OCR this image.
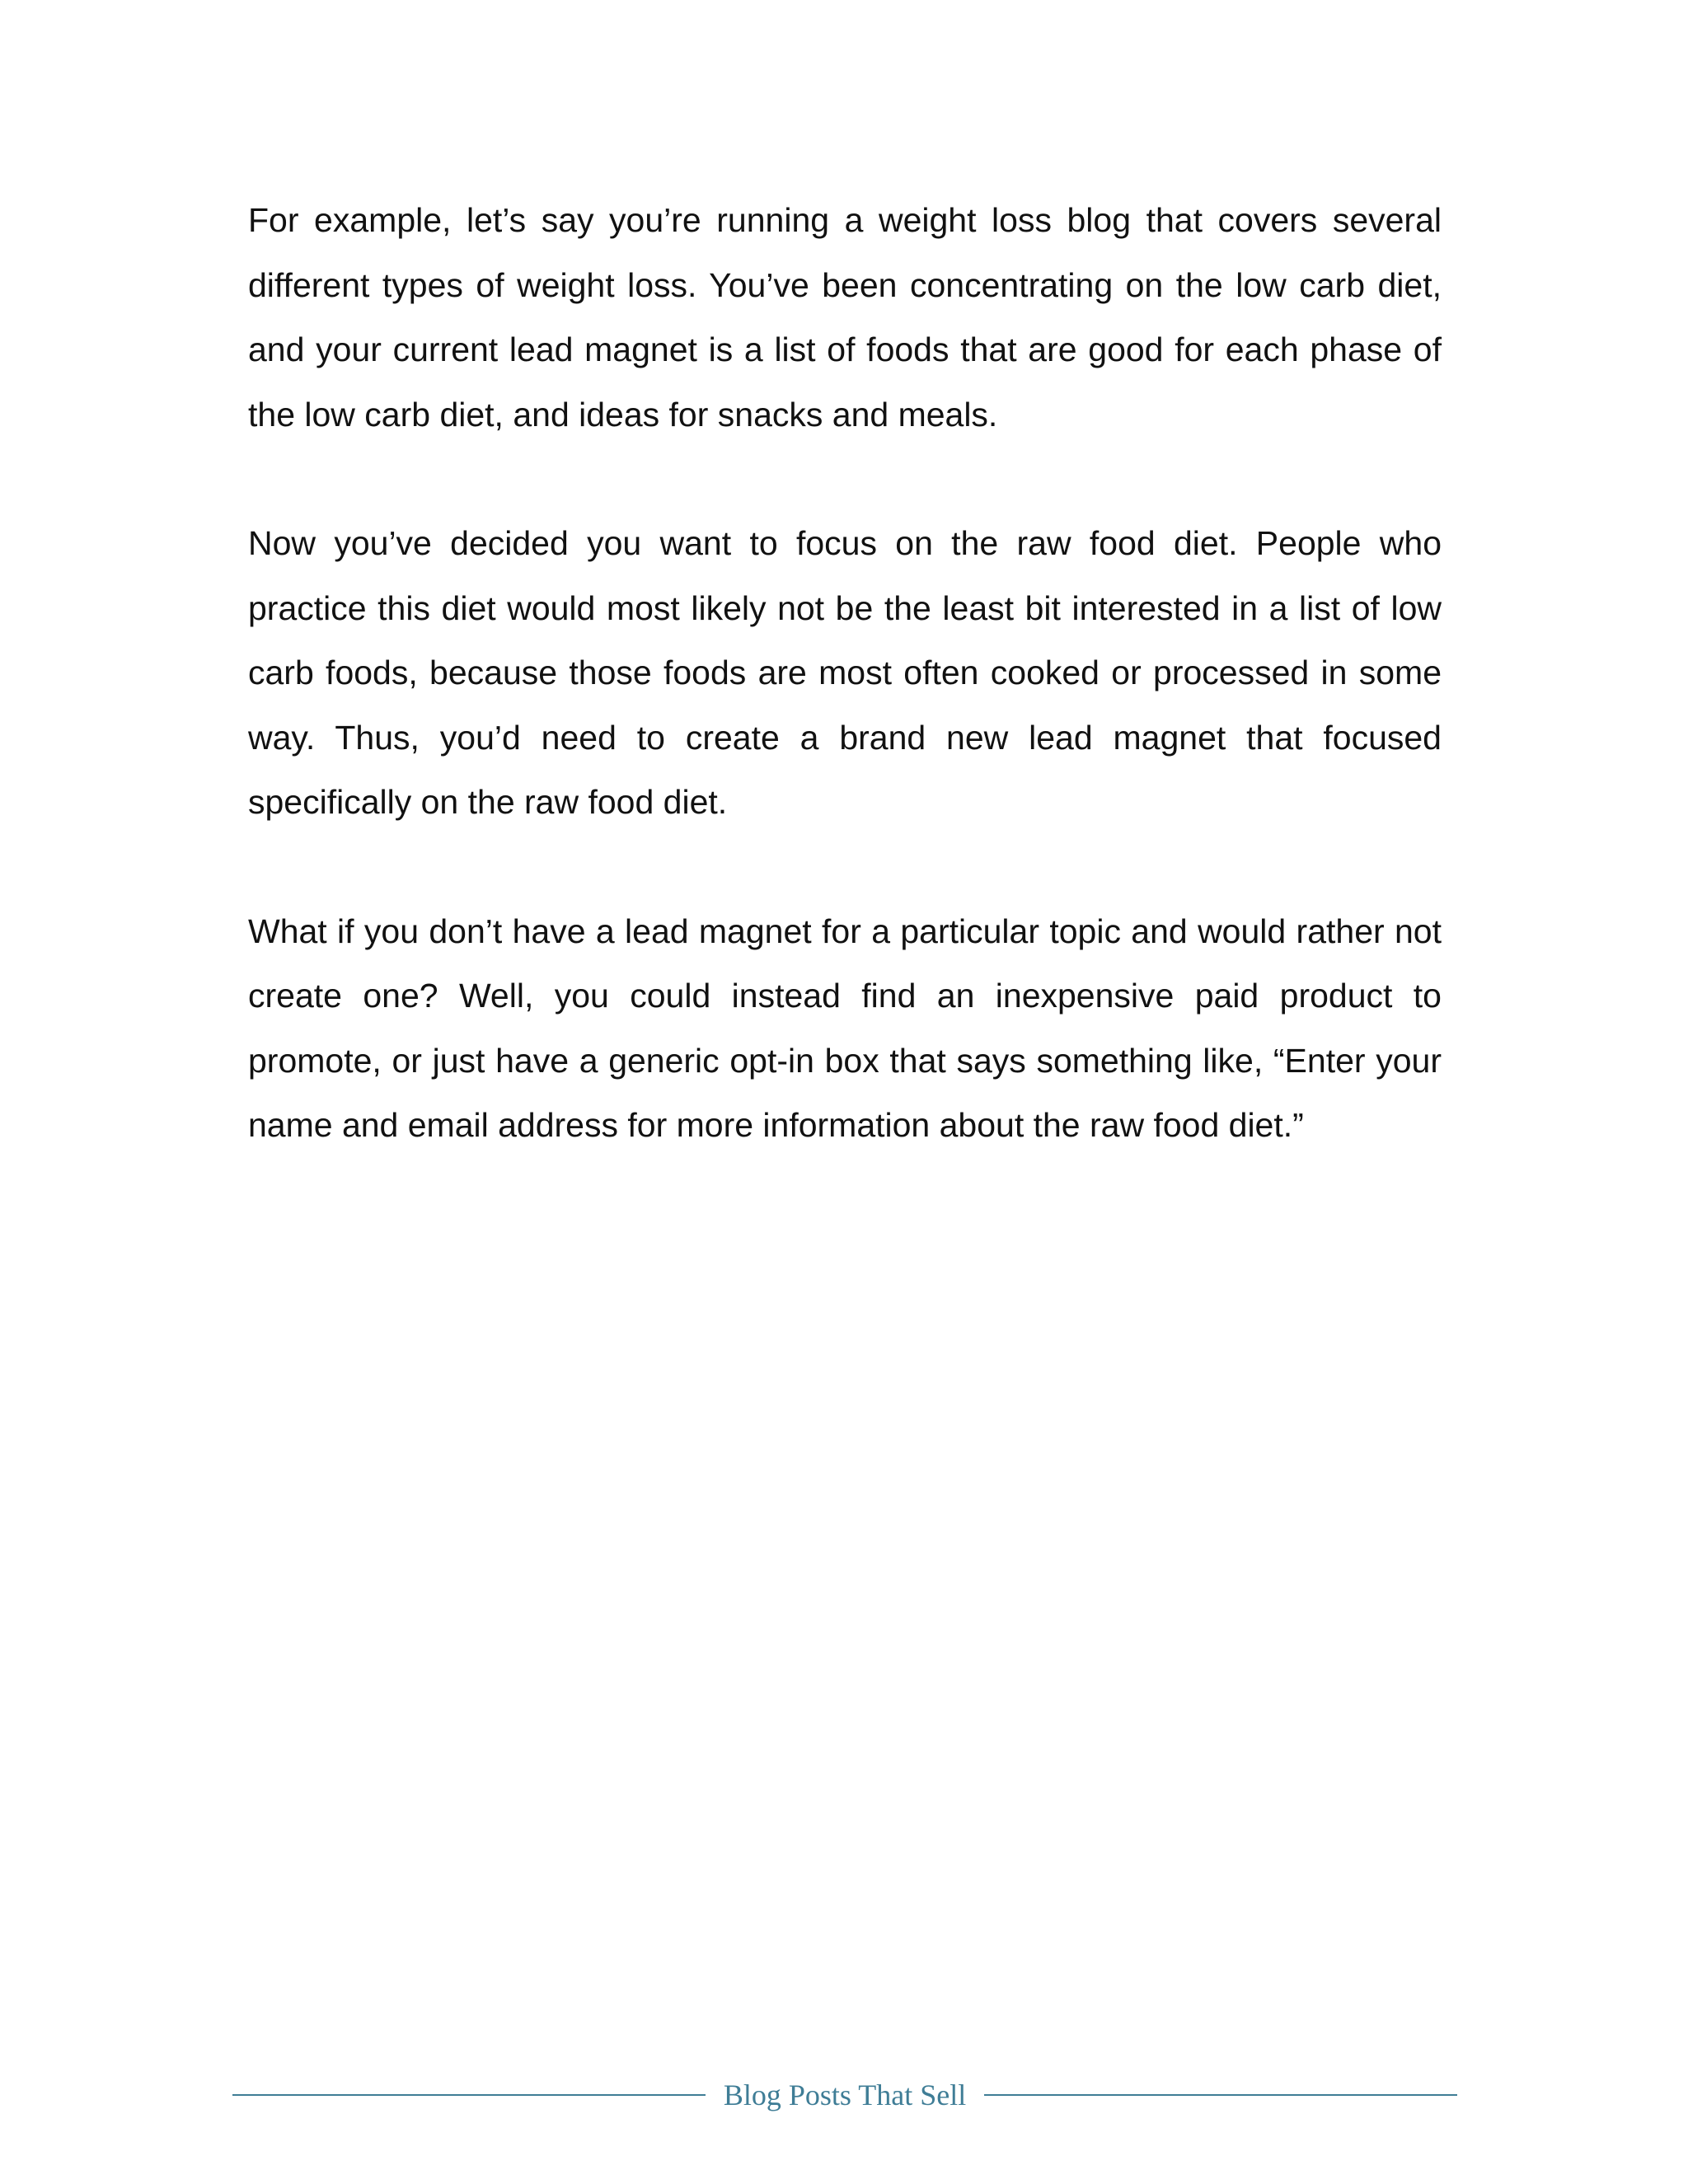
For example, let’s say you’re running a weight loss blog that covers several different types of weight loss. You’ve been concentrating on the low carb diet, and your current lead magnet is a list of foods that are good for each phase of the low carb diet, and ideas for snacks and meals.

Now you’ve decided you want to focus on the raw food diet. People who practice this diet would most likely not be the least bit interested in a list of low carb foods, because those foods are most often cooked or processed in some way. Thus, you’d need to create a brand new lead magnet that focused specifically on the raw food diet.

What if you don’t have a lead magnet for a particular topic and would rather not create one? Well, you could instead find an inexpensive paid product to promote, or just have a generic opt-in box that says something like, “Enter your name and email address for more information about the raw food diet.”

Blog Posts That Sell
